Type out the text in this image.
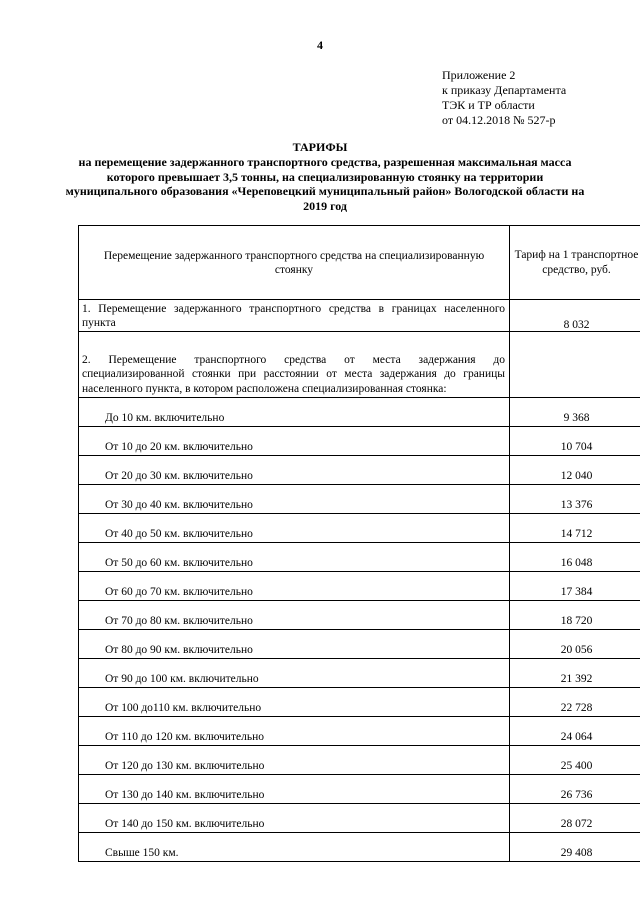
4
Приложение 2
к приказу Департамента
ТЭК и ТР области
от 04.12.2018 № 527-р
ТАРИФЫ
на перемещение задержанного транспортного средства, разрешенная максимальная масса которого превышает 3,5 тонны, на специализированную стоянку на территории муниципального образования «Череповецкий муниципальный район» Вологодской области на 2019 год
Перемещение задержанного транспортного средства на специализированную стоянку	Тариф на 1 транспортное средство, руб.
1. Перемещение задержанного транспортного средства в границах населенного пункта	8 032
2. Перемещение транспортного средства от места задержания до специализированной стоянки при расстоянии от места задержания до границы населенного пункта, в котором расположена специализированная стоянка:	
До 10 км. включительно	9 368
От 10 до 20 км. включительно	10 704
От 20 до 30 км. включительно	12 040
От 30 до 40 км. включительно	13 376
От 40 до 50 км. включительно	14 712
От 50 до 60 км. включительно	16 048
От 60 до 70 км. включительно	17 384
От 70 до 80 км. включительно	18 720
От 80 до 90 км. включительно	20 056
От 90 до 100 км. включительно	21 392
От 100 до110 км. включительно	22 728
От 110 до 120 км. включительно	24 064
От 120 до 130 км. включительно	25 400
От 130 до 140 км. включительно	26 736
От 140 до 150 км. включительно	28 072
Свыше 150 км.	29 408
